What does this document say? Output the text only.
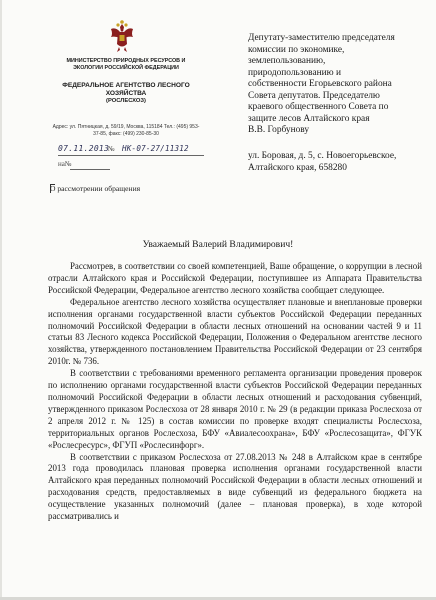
МИНИСТЕРСТВО ПРИРОДНЫХ РЕСУРСОВ И ЭКОЛОГИИ РОССИЙСКОЙ ФЕДЕРАЦИИ
ФЕДЕРАЛЬНОЕ АГЕНТСТВО ЛЕСНОГО ХОЗЯЙСТВА
(РОСЛЕСХОЗ)
Адрес: ул. Пятницкая, д. 59/19, Москва, 115184 Тел.: (495) 953-37-85, факс: (499) 230-85-30
07.11.2013
№ НК-07-27/11312
на№
О рассмотрении обращения
Депутату-заместителю председателя
комиссии по экономике,
землепользованию,
природопользованию и
собственности Егорьевского района
Совета депутатов. Председателю
краевого общественного Совета по
защите лесов Алтайского края
В.В. Горбунову
ул. Боровая, д. 5, с. Новоегорьевское,
Алтайского края, 658280
Уважаемый Валерий Владимирович!

Рассмотрев, в соответствии со своей компетенцией, Ваше обращение, о коррупции в лесной отрасли Алтайского края и Российской Федерации, поступившее из Аппарата Правительства Российской Федерации, Федеральное агентство лесного хозяйства сообщает следующее.

Федеральное агентство лесного хозяйства осуществляет плановые и внеплановые проверки исполнения органами государственной власти субъектов Российской Федерации переданных полномочий Российской Федерации в области лесных отношений на основании частей 9 и 11 статьи 83 Лесного кодекса Российской Федерации, Положения о Федеральном агентстве лесного хозяйства, утвержденного постановлением Правительства Российской Федерации от 23 сентября 2010г. № 736.

В соответствии с требованиями временного регламента организации проведения проверок по исполнению органами государственной власти субъектов Российской Федерации переданных полномочий Российской Федерации в области лесных отношений и расходования субвенций, утвержденного приказом Рослесхоза от 28 января 2010 г. № 29 (в редакции приказа Рослесхоза от 2 апреля 2012 г. № 125) в состав комиссии по проверке входят специалисты Рослесхоза, территориальных органов Рослесхоза, БФУ «Авиалесоохрана», БФУ «Рослесозащита», ФГУК «Рослесресурс», ФГУП «Рослесинфорг».

В соответствии с приказом Рослесхоза от 27.08.2013 № 248 в Алтайском крае в сентябре 2013 года проводилась плановая проверка исполнения органами государственной власти Алтайского края переданных полномочий Российской Федерации в области лесных отношений и расходования средств, предоставляемых в виде субвенций из федерального бюджета на осуществление указанных полномочий (далее – плановая проверка), в ходе которой рассматривались и
